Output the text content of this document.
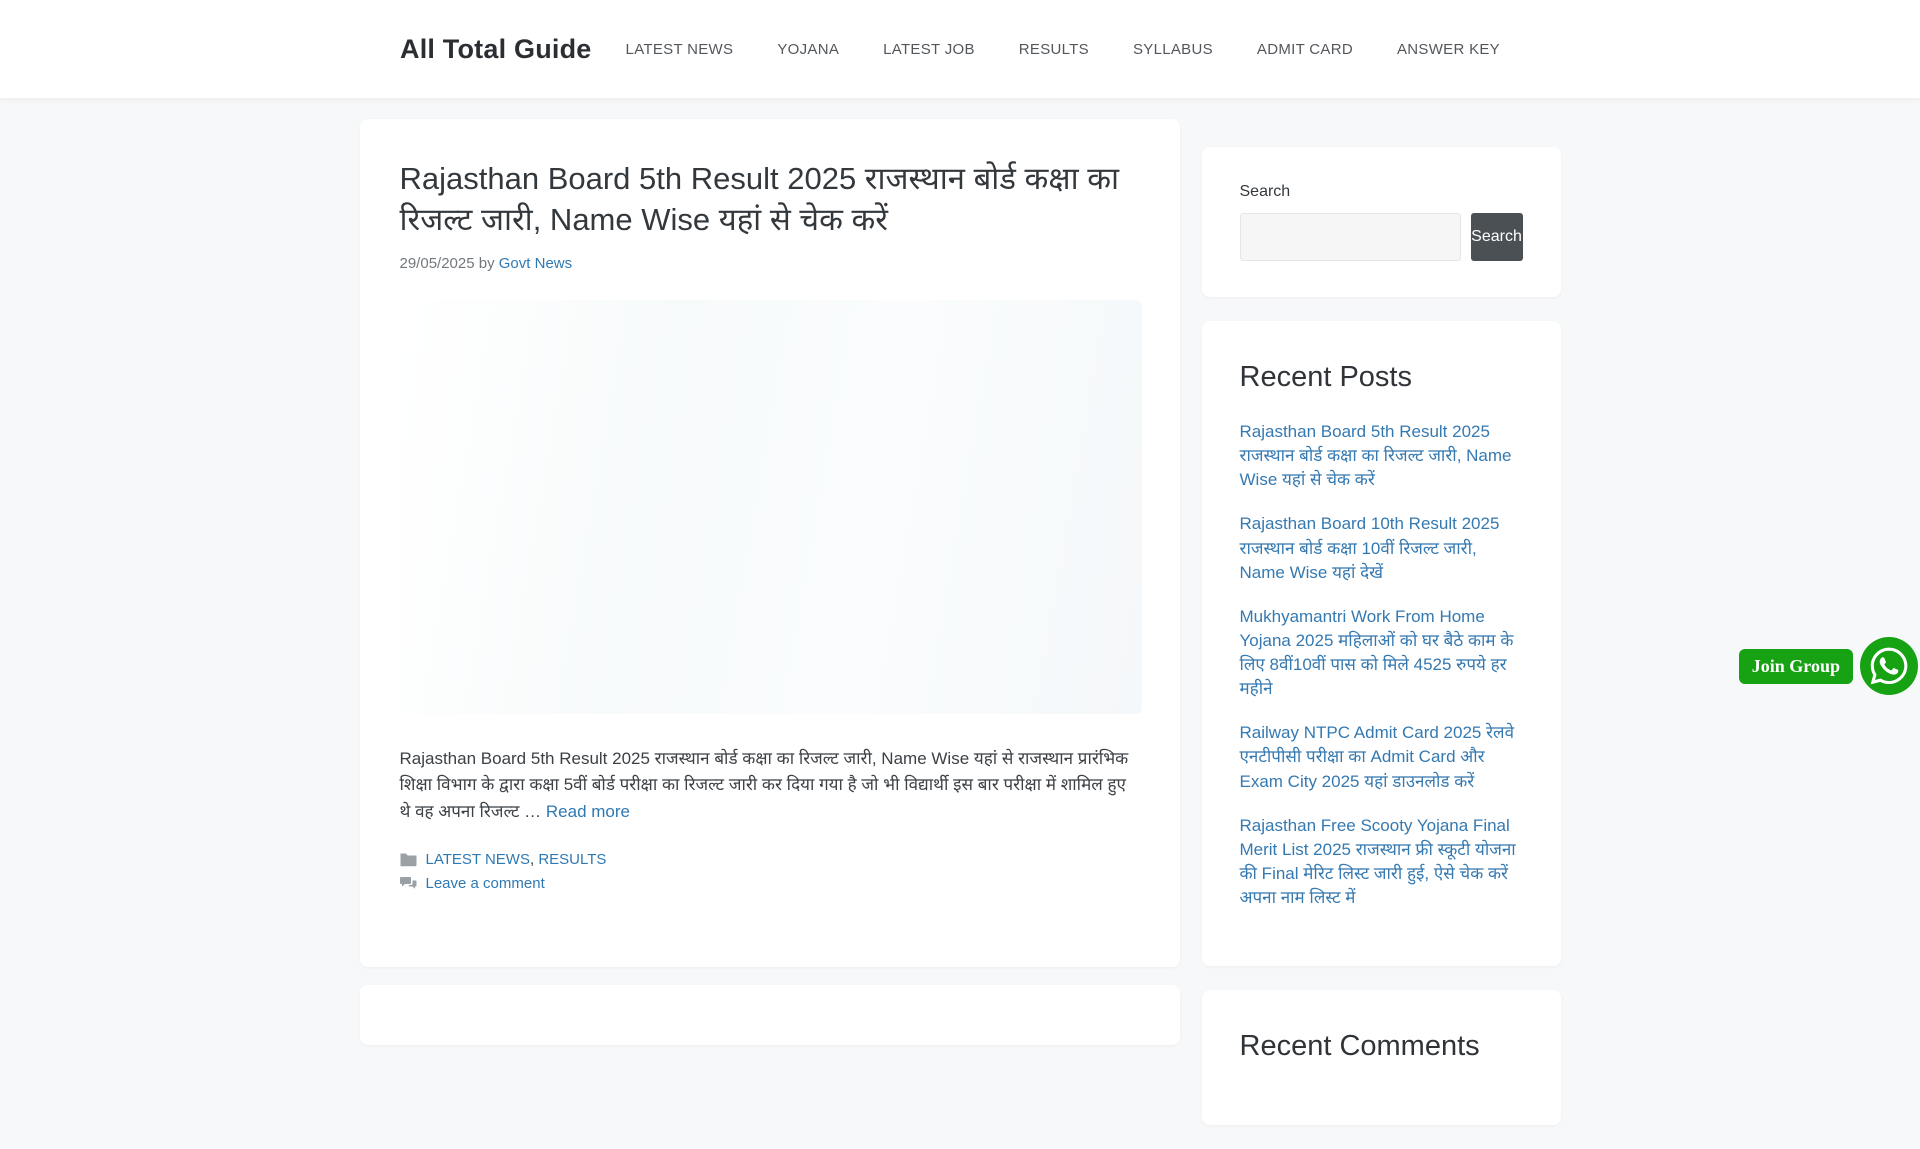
All Total Guide LATEST NEWS	YOJANA	LATEST JOB	RESULTS	SYLLABUS	ADMIT CARD	ANSWER KEY
Rajasthan Board 5th Result 2025 राजस्थान बोर्ड कक्षा का रिजल्ट जारी, Name Wise यहां से चेक करें
29/05/2025 by Govt News

Rajasthan Board 5th Result 2025 राजस्थान बोर्ड कक्षा का रिजल्ट जारी, Name Wise यहां से राजस्थान प्रारंभिक शिक्षा विभाग के द्वारा कक्षा 5वीं बोर्ड परीक्षा का रिजल्ट जारी कर दिया गया है जो भी विद्यार्थी इस बार परीक्षा में शामिल हुए थे वह अपना रिजल्ट … Read more

LATEST NEWS, RESULTS
Leave a comment
Search
Search
Recent Posts
Rajasthan Board 5th Result 2025 राजस्थान बोर्ड कक्षा का रिजल्ट जारी, Name Wise यहां से चेक करें
Rajasthan Board 10th Result 2025 राजस्थान बोर्ड कक्षा 10वीं रिजल्ट जारी, Name Wise यहां देखें
Mukhyamantri Work From Home Yojana 2025 महिलाओं को घर बैठे काम के लिए 8वीं10वीं पास को मिले 4525 रुपये हर महीने
Railway NTPC Admit Card 2025 रेलवे एनटीपीसी परीक्षा का Admit Card और Exam City 2025 यहां डाउनलोड करें
Rajasthan Free Scooty Yojana Final Merit List 2025 राजस्थान फ्री स्कूटी योजना की Final मेरिट लिस्ट जारी हुई, ऐसे चेक करें अपना नाम लिस्ट में
Recent Comments
Join Group
